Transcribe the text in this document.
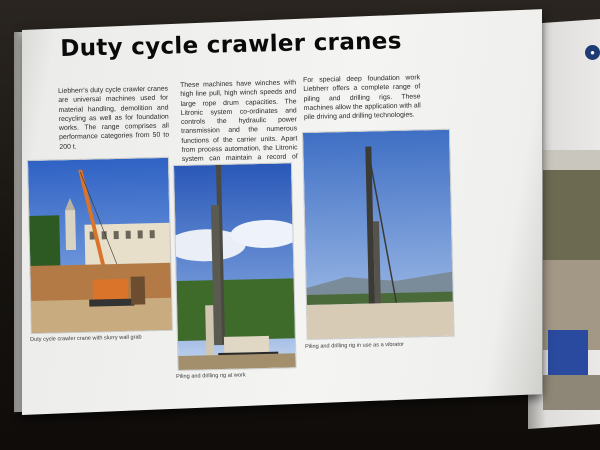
●
Duty cycle crawler cranes
Liebherr's duty cycle crawler cranes are universal machines used for material handling, demolition and recycling as well as for foundation works. The range comprises all performance categories from 50 to 200 t.
These machines have winches with high line pull, high winch speeds and large rope drum capacities. The Litronic system co-ordinates and controls the hydraulic power transmission and the numerous functions of the carrier units. Apart from process automation, the Litronic system can maintain a record of
For special deep foundation work Liebherr offers a complete range of piling and drilling rigs. These machines allow the application with all pile driving and drilling technologies.
Duty cycle crawler crane with slurry wall grab
Piling and drilling rig at work
Piling and drilling rig in use as a vibrator
